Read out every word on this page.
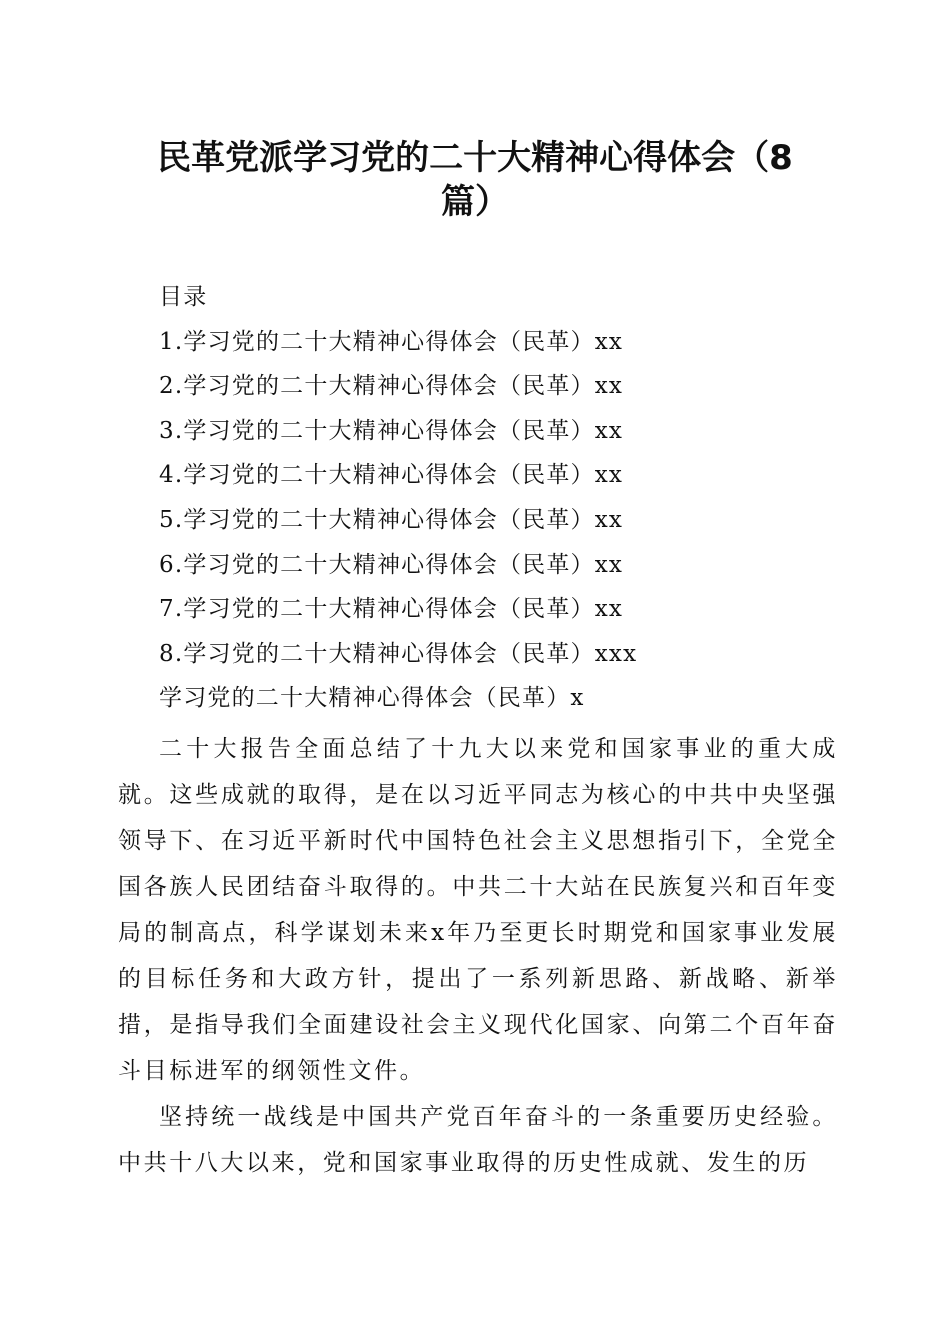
民革党派学习党的二十大精神心得体会（8
篇）
目录
1.学习党的二十大精神心得体会（民革）xx
2.学习党的二十大精神心得体会（民革）xx
3.学习党的二十大精神心得体会（民革）xx
4.学习党的二十大精神心得体会（民革）xx
5.学习党的二十大精神心得体会（民革）xx
6.学习党的二十大精神心得体会（民革）xx
7.学习党的二十大精神心得体会（民革）xx
8.学习党的二十大精神心得体会（民革）xxx
学习党的二十大精神心得体会（民革）x

二十大报告全面总结了十九大以来党和国家事业的重大成就。这些成就的取得，是在以习近平同志为核心的中共中央坚强领导下、在习近平新时代中国特色社会主义思想指引下，全党全国各族人民团结奋斗取得的。中共二十大站在民族复兴和百年变局的制高点，科学谋划未来x年乃至更长时期党和国家事业发展的目标任务和大政方针，提出了一系列新思路、新战略、新举措，是指导我们全面建设社会主义现代化国家、向第二个百年奋斗目标进军的纲领性文件。

坚持统一战线是中国共产党百年奋斗的一条重要历史经验。中共十八大以来，党和国家事业取得的历史性成就、发生的历
